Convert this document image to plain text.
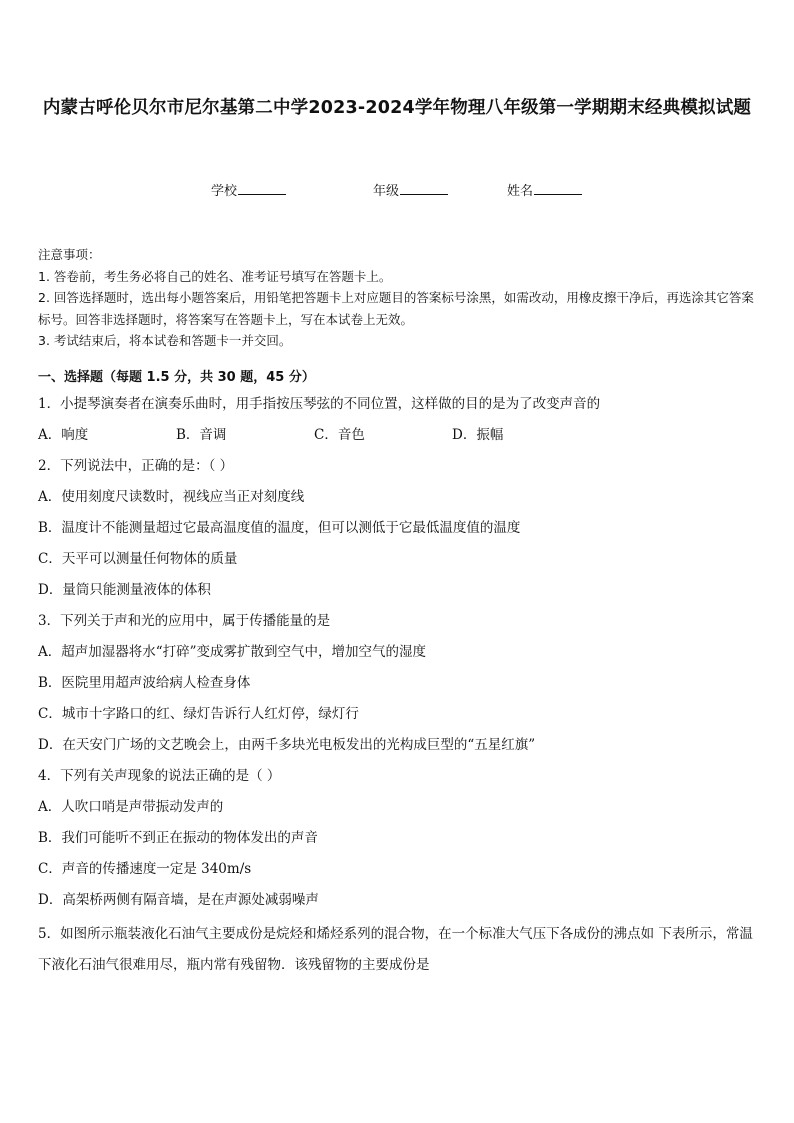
内蒙古呼伦贝尔市尼尔基第二中学2023-2024学年物理八年级第一学期期末经典模拟试题
学校	年级	姓名

注意事项：

1. 答卷前，考生务必将自己的姓名、准考证号填写在答题卡上。

2. 回答选择题时，选出每小题答案后，用铅笔把答题卡上对应题目的答案标号涂黑，如需改动，用橡皮擦干净后，再选涂其它答案标号。回答非选择题时，将答案写在答题卡上，写在本试卷上无效。

3. 考试结束后，将本试卷和答题卡一并交回。

一、选择题（每题 1.5 分，共 30 题，45 分）

1．小提琴演奏者在演奏乐曲时，用手指按压琴弦的不同位置，这样做的目的是为了改变声音的

A．响度	B．音调	C．音色	D．振幅

2．下列说法中，正确的是：（ ）

A．使用刻度尺读数时，视线应当正对刻度线

B．温度计不能测量超过它最高温度值的温度，但可以测低于它最低温度值的温度

C．天平可以测量任何物体的质量

D．量筒只能测量液体的体积

3．下列关于声和光的应用中，属于传播能量的是

A．超声加湿器将水“打碎”变成雾扩散到空气中，增加空气的湿度

B．医院里用超声波给病人检查身体

C．城市十字路口的红、绿灯告诉行人红灯停，绿灯行

D．在天安门广场的文艺晚会上，由两千多块光电板发出的光构成巨型的“五星红旗”

4．下列有关声现象的说法正确的是（ ）

A．人吹口哨是声带振动发声的

B．我们可能听不到正在振动的物体发出的声音

C．声音的传播速度一定是 340m/s

D．高架桥两侧有隔音墙，是在声源处减弱噪声

5．如图所示瓶装液化石油气主要成份是烷烃和烯烃系列的混合物，在一个标准大气压下各成份的沸点如 下表所示，常温下液化石油气很难用尽，瓶内常有残留物．该残留物的主要成份是
